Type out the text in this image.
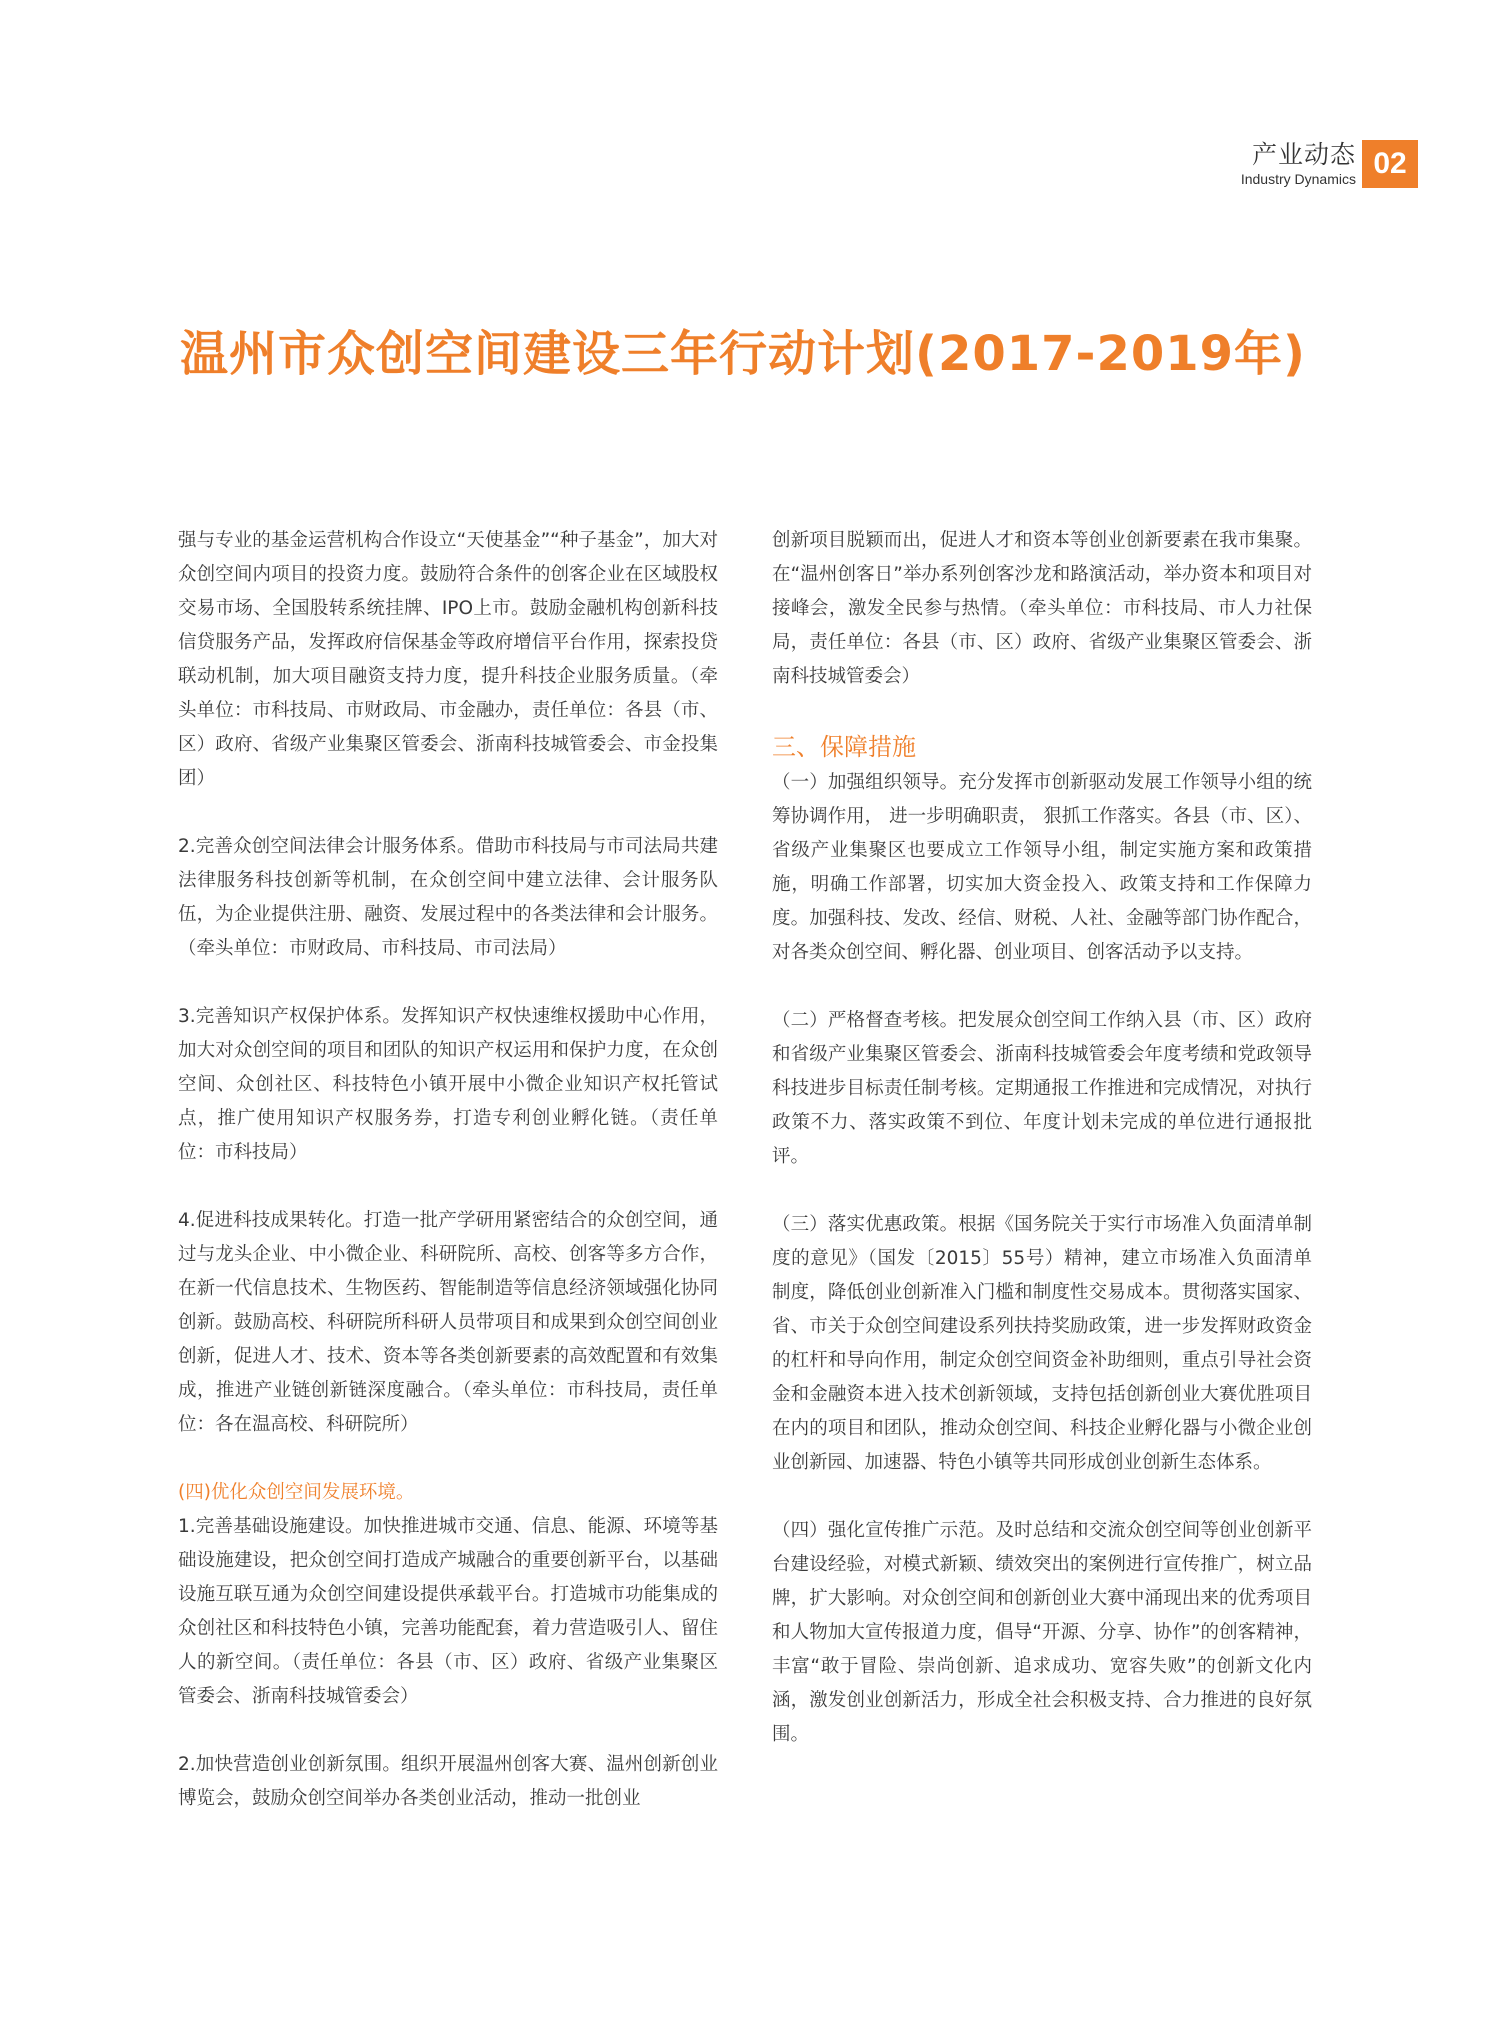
产业动态
Industry Dynamics 02
温州市众创空间建设三年行动计划(2017-2019年)

强与专业的基金运营机构合作设立“天使基金”“种子基金”，加大对众创空间内项目的投资力度。鼓励符合条件的创客企业在区域股权交易市场、全国股转系统挂牌、IPO上市。鼓励金融机构创新科技信贷服务产品，发挥政府信保基金等政府增信平台作用，探索投贷联动机制，加大项目融资支持力度，提升科技企业服务质量。（牵头单位：市科技局、市财政局、市金融办，责任单位：各县（市、区）政府、省级产业集聚区管委会、浙南科技城管委会、市金投集团）

2.完善众创空间法律会计服务体系。借助市科技局与市司法局共建法律服务科技创新等机制，在众创空间中建立法律、会计服务队伍，为企业提供注册、融资、发展过程中的各类法律和会计服务。（牵头单位：市财政局、市科技局、市司法局）

3.完善知识产权保护体系。发挥知识产权快速维权援助中心作用，加大对众创空间的项目和团队的知识产权运用和保护力度，在众创空间、众创社区、科技特色小镇开展中小微企业知识产权托管试点，推广使用知识产权服务券，打造专利创业孵化链。（责任单位：市科技局）

4.促进科技成果转化。打造一批产学研用紧密结合的众创空间，通过与龙头企业、中小微企业、科研院所、高校、创客等多方合作，在新一代信息技术、生物医药、智能制造等信息经济领域强化协同创新。鼓励高校、科研院所科研人员带项目和成果到众创空间创业创新，促进人才、技术、资本等各类创新要素的高效配置和有效集成，推进产业链创新链深度融合。（牵头单位：市科技局，责任单位：各在温高校、科研院所）

(四)优化众创空间发展环境。

1.完善基础设施建设。加快推进城市交通、信息、能源、环境等基础设施建设，把众创空间打造成产城融合的重要创新平台，以基础设施互联互通为众创空间建设提供承载平台。打造城市功能集成的众创社区和科技特色小镇，完善功能配套，着力营造吸引人、留住人的新空间。（责任单位：各县（市、区）政府、省级产业集聚区管委会、浙南科技城管委会）

2.加快营造创业创新氛围。组织开展温州创客大赛、温州创新创业博览会，鼓励众创空间举办各类创业活动，推动一批创业

创新项目脱颖而出，促进人才和资本等创业创新要素在我市集聚。在“温州创客日”举办系列创客沙龙和路演活动，举办资本和项目对接峰会，激发全民参与热情。（牵头单位：市科技局、市人力社保局，责任单位：各县（市、区）政府、省级产业集聚区管委会、浙南科技城管委会）

三、保障措施

（一）加强组织领导。充分发挥市创新驱动发展工作领导小组的统筹协调作用， 进一步明确职责， 狠抓工作落实。各县（市、区）、省级产业集聚区也要成立工作领导小组，制定实施方案和政策措施，明确工作部署，切实加大资金投入、政策支持和工作保障力度。加强科技、发改、经信、财税、人社、金融等部门协作配合，对各类众创空间、孵化器、创业项目、创客活动予以支持。

（二）严格督查考核。把发展众创空间工作纳入县（市、区）政府和省级产业集聚区管委会、浙南科技城管委会年度考绩和党政领导科技进步目标责任制考核。定期通报工作推进和完成情况，对执行政策不力、落实政策不到位、年度计划未完成的单位进行通报批评。

（三）落实优惠政策。根据《国务院关于实行市场准入负面清单制度的意见》（国发〔2015〕55号）精神，建立市场准入负面清单制度，降低创业创新准入门槛和制度性交易成本。贯彻落实国家、省、市关于众创空间建设系列扶持奖励政策，进一步发挥财政资金的杠杆和导向作用，制定众创空间资金补助细则，重点引导社会资金和金融资本进入技术创新领域，支持包括创新创业大赛优胜项目在内的项目和团队，推动众创空间、科技企业孵化器与小微企业创业创新园、加速器、特色小镇等共同形成创业创新生态体系。

（四）强化宣传推广示范。及时总结和交流众创空间等创业创新平台建设经验，对模式新颖、绩效突出的案例进行宣传推广，树立品牌，扩大影响。对众创空间和创新创业大赛中涌现出来的优秀项目和人物加大宣传报道力度，倡导“开源、分享、协作”的创客精神，丰富“敢于冒险、崇尚创新、追求成功、宽容失败”的创新文化内涵，激发创业创新活力，形成全社会积极支持、合力推进的良好氛围。
